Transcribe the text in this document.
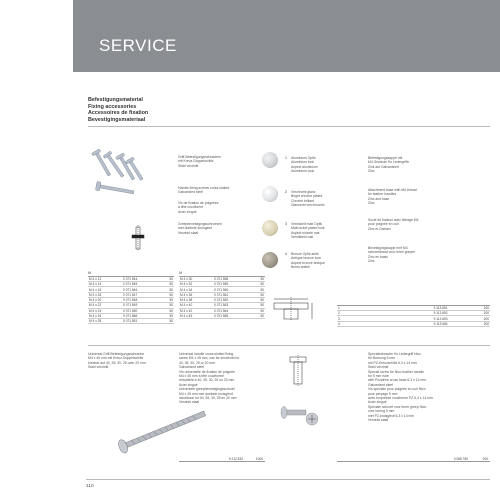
SERVICE
Befestigungsmaterial
Fixing accessories
Accessoires de fixation
Bevestigingsmateriaal
Griff-Befestigungsschrauben
mit Kreuz-Doppelschlitz
Stahl verzinkt
Handle fixing screws cross-slotted
Galvanized steel
Vis de fixation de poignées
à tête cruciforme
Acier zingué
Greepbevestigingsschroeven
met dubbele kruisgleuf
Verzinkt staal
M		
M 4 x 12	0 071 544	50
M 4 x 14	0 071 545	50
M 4 x 16	0 071 546	50
M 4 x 18	0 071 547	50
M 4 x 20	0 071 548	50
M 4 x 22	0 071 549	50
M 4 x 24	0 071 550	50
M 4 x 26	0 071 586	50
M 4 x 28	0 071 551	50
M		
M 4 x 30	0 071 558	50
M 4 x 32	0 071 559	50
M 4 x 34	0 071 560	50
M 4 x 36	0 071 561	50
M 4 x 38	0 071 562	50
M 4 x 40	0 071 563	50
M 4 x 42	0 071 564	50
M 4 x 45	0 071 565	50
1 Aluminium Optik
Aluminium look
Aspect aluminium
Aluminium-look
2 Verchromt glanz
Bright chrome plated
Chromé brillant
Glanzend verchroomd
3 Vernickelt matt Optik
Matt nickel plated look
Aspect nickelé mat
Vernikkeld mat
4 Bronze Optik antik
Antique bronze look
Aspect bronze antique
Brons antiek
Befestigungskappe mit
M4 Gewinde für Ledergriffe
Zink auf Galvanisiert
Zinc
Attachment base with M4 thread
for leather handles
Zinc and base
Zinc
Socle de fixation avec filetage M4
pour poignée en cuir
Zinc et Galvani
Bevestigingskapje met M4
schroefdraad voor leren grepen
Zinc en basis
Zinc

1	9 113 651	200
2	9 113 652	200
3	9 113 653	200
4	9 113 654	200
Universal Griff-Befestigungsschraube
M4 x 45 mm mit Kreuz-Doppelschlitz
kürzbar auf 40, 35, 30, 25 oder 20 mm
Stahl verzinkt
Universal handle cross-slotted fixing
screw M4 x 45 mm, can be shortened to
40, 35, 30, 25 or 20 mm
Galvanized steel
Vis universelle de fixation de poignée
M4 x 45 mm à tête cruciforme
réductible à 40, 35, 30, 25 ou 20 mm
Acier zingué
Universele greepbevestigingsschroef
M4 x 45 mm met dubbele kruisgleuf,
inkortbaar tot 40, 35, 30, 25 en 20 mm
Verzinkt staal
9 212 832	1000

Spezialschraube für Ledergriff Nico
für Bohrung 5 mm
mit PZ-Kreuzschlitz 6,3 x 14 mm
Stahl verzinkt
Special screw for Nico leather handle
for 5 mm hole
with Pozidrive cross head 6.3 x 14 mm
Galvanized steel
Vis spéciale pour poignée en cuir Nico
pour perçage 5 mm
avec empreinte cruciforme PZ 6,3 x 14 mm
Acier zingué
Speciale schroef voor leren greep Nico
voor boring 5 mm
met PZ-kruisgleuf 6,3 x 14 mm
Verzinkt staal
0 068 780	200

110
